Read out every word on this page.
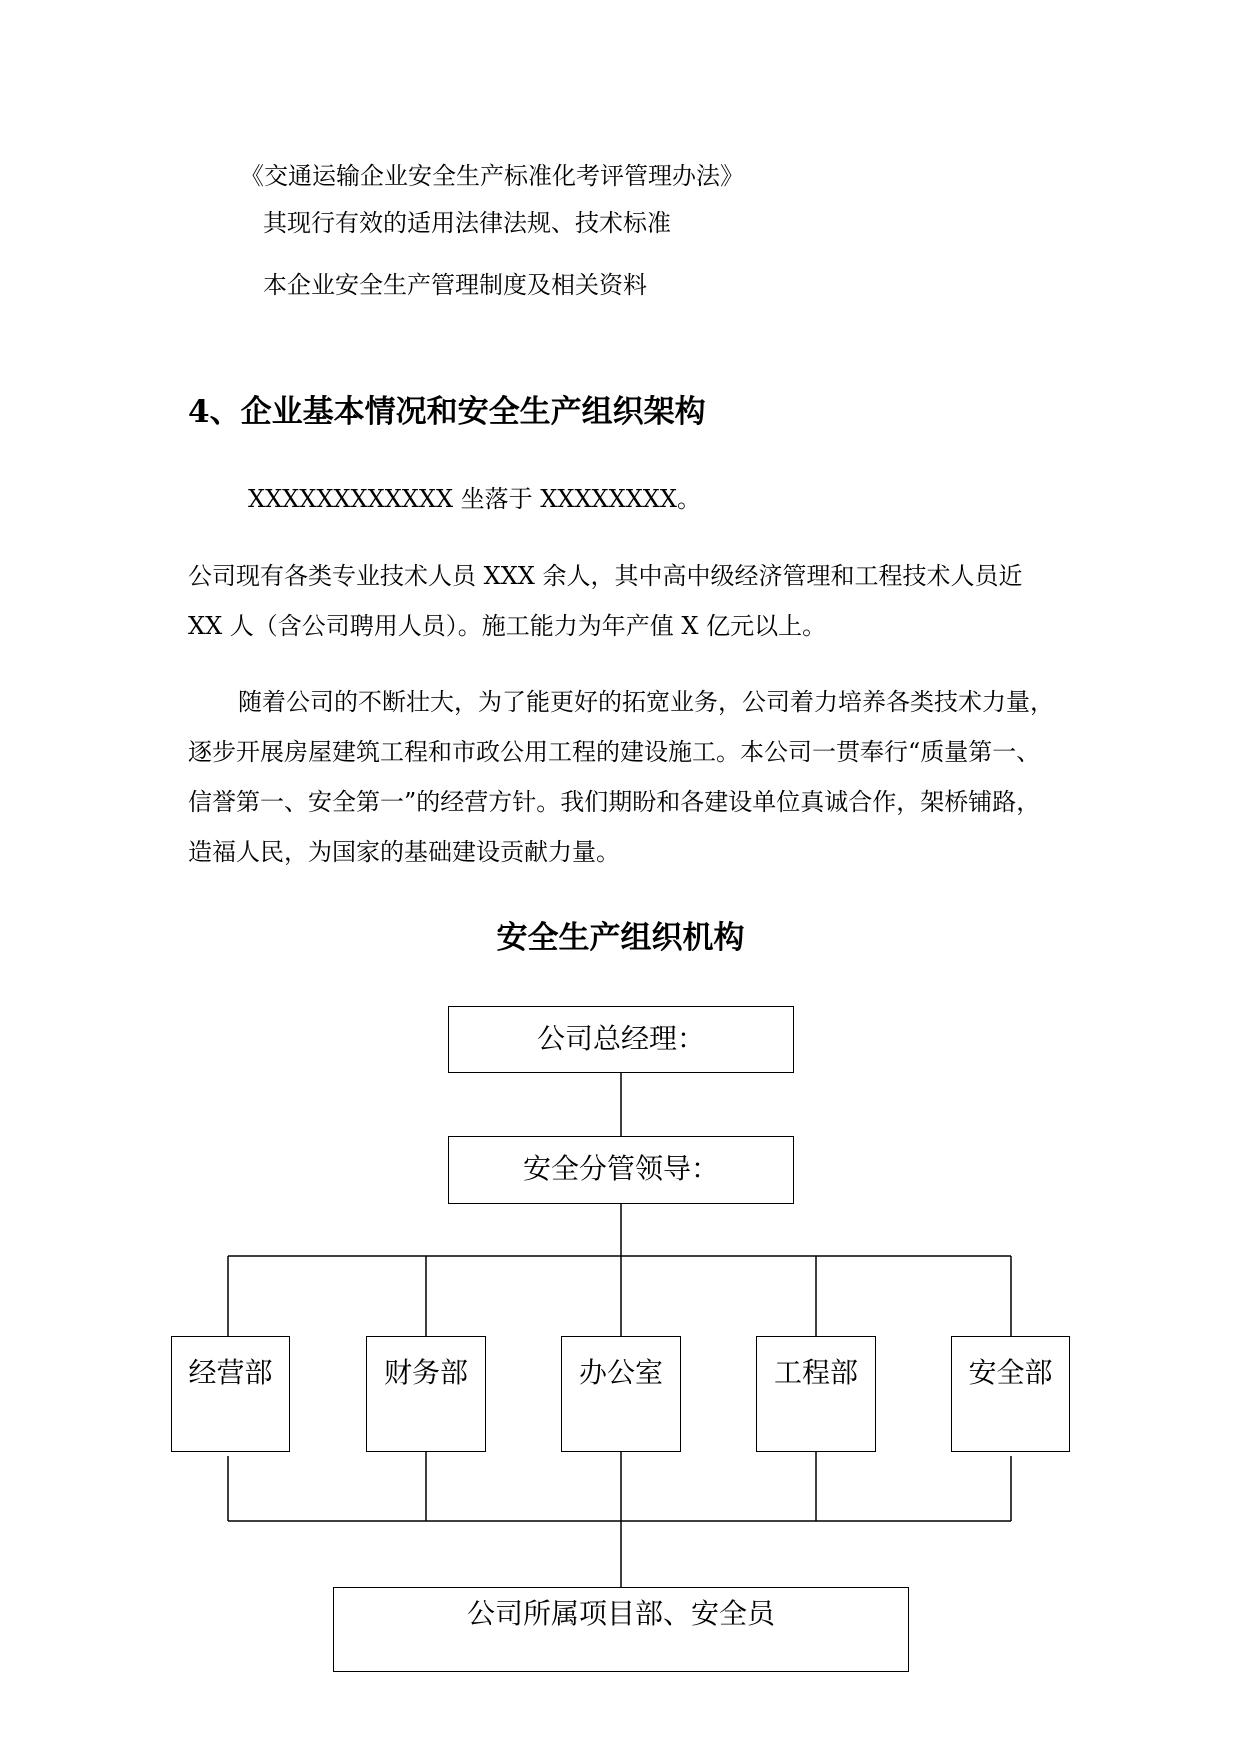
《交通运输企业安全生产标准化考评管理办法》
其现行有效的适用法律法规、技术标准
本企业安全生产管理制度及相关资料
4、企业基本情况和安全生产组织架构
XXXXXXXXXXXX 坐落于 XXXXXXXX。
公司现有各类专业技术人员 XXX 余人，其中高中级经济管理和工程技术人员近
XX 人（含公司聘用人员）。施工能力为年产值 X 亿元以上。
随着公司的不断壮大，为了能更好的拓宽业务，公司着力培养各类技术力量，
逐步开展房屋建筑工程和市政公用工程的建设施工。本公司一贯奉行“质量第一、
信誉第一、安全第一”的经营方针。我们期盼和各建设单位真诚合作，架桥铺路，
造福人民，为国家的基础建设贡献力量。
安全生产组织机构
公司总经理：
安全分管领导：
经营部	财务部	办公室	工程部	安全部
公司所属项目部、安全员
